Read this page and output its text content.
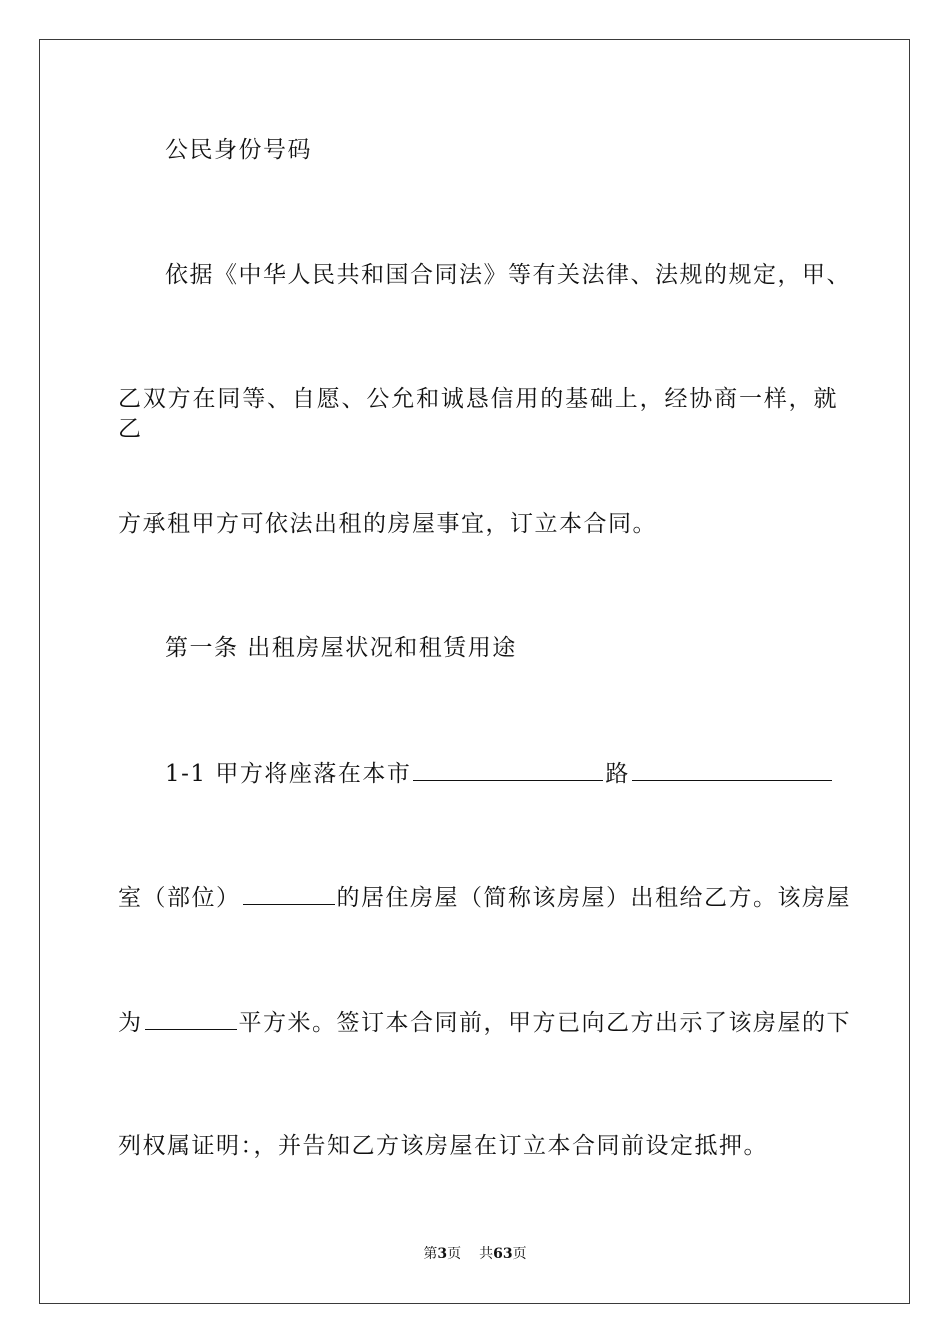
公民身份号码
依据《中华人民共和国合同法》等有关法律、法规的规定，甲、
乙双方在同等、自愿、公允和诚恳信用的基础上，经协商一样，就乙
方承租甲方可依法出租的房屋事宜，订立本合同。
第一条 出租房屋状况和租赁用途
1-1 甲方将座落在本市	路
室（部位）	的居住房屋（简称该房屋）出租给乙方。该房屋
为	平方米。签订本合同前，甲方已向乙方出示了该房屋的下
列权属证明：，并告知乙方该房屋在订立本合同前设定抵押。
第3页 共63页
